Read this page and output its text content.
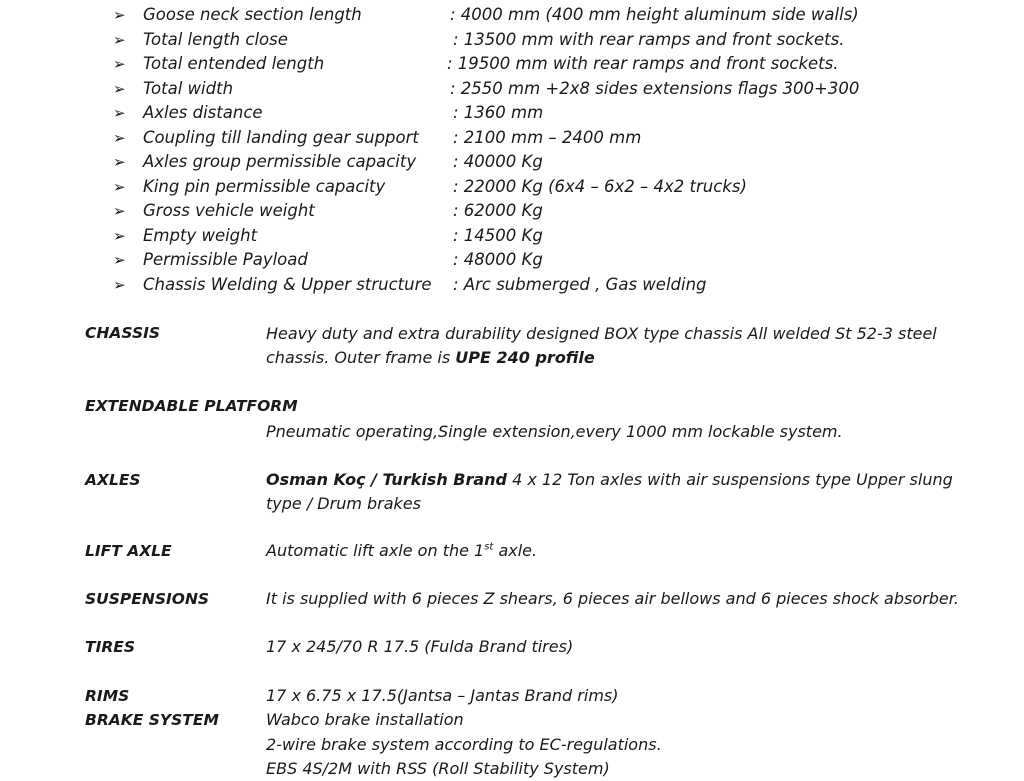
➢ Goose neck section length	: 4000 mm (400 mm height aluminum side walls)
➢ Total length close	: 13500 mm with rear ramps and front sockets.
➢ Total entended length	: 19500 mm with rear ramps and front sockets.
➢ Total width	: 2550 mm +2x8 sides extensions flags 300+300
➢ Axles distance	: 1360 mm
➢ Coupling till landing gear support : 2100 mm – 2400 mm
➢ Axles group permissible capacity : 40000 Kg
➢ King pin permissible capacity	: 22000 Kg (6x4 – 6x2 – 4x2 trucks)
➢ Gross vehicle weight	: 62000 Kg
➢ Empty weight	: 14500 Kg
➢ Permissible Payload	: 48000 Kg
➢ Chassis Welding & Upper structure : Arc submerged , Gas welding
CHASSIS	Heavy duty and extra durability designed BOX type chassis All welded St 52-3 steel
chassis. Outer frame is UPE 240 profile
EXTENDABLE PLATFORM
Pneumatic operating,Single extension,every 1000 mm lockable system.
AXLES	Osman Koç / Turkish Brand 4 x 12 Ton axles with air suspensions type Upper slung
type / Drum brakes
LIFT AXLE	Automatic lift axle on the 1st axle.
SUSPENSIONS	It is supplied with 6 pieces Z shears, 6 pieces air bellows and 6 pieces shock absorber.
TIRES	17 x 245/70 R 17.5 (Fulda Brand tires)
RIMS	17 x 6.75 x 17.5(Jantsa – Jantas Brand rims)
BRAKE SYSTEM	Wabco brake installation
2-wire brake system according to EC-regulations.
EBS 4S/2M with RSS (Roll Stability System)
